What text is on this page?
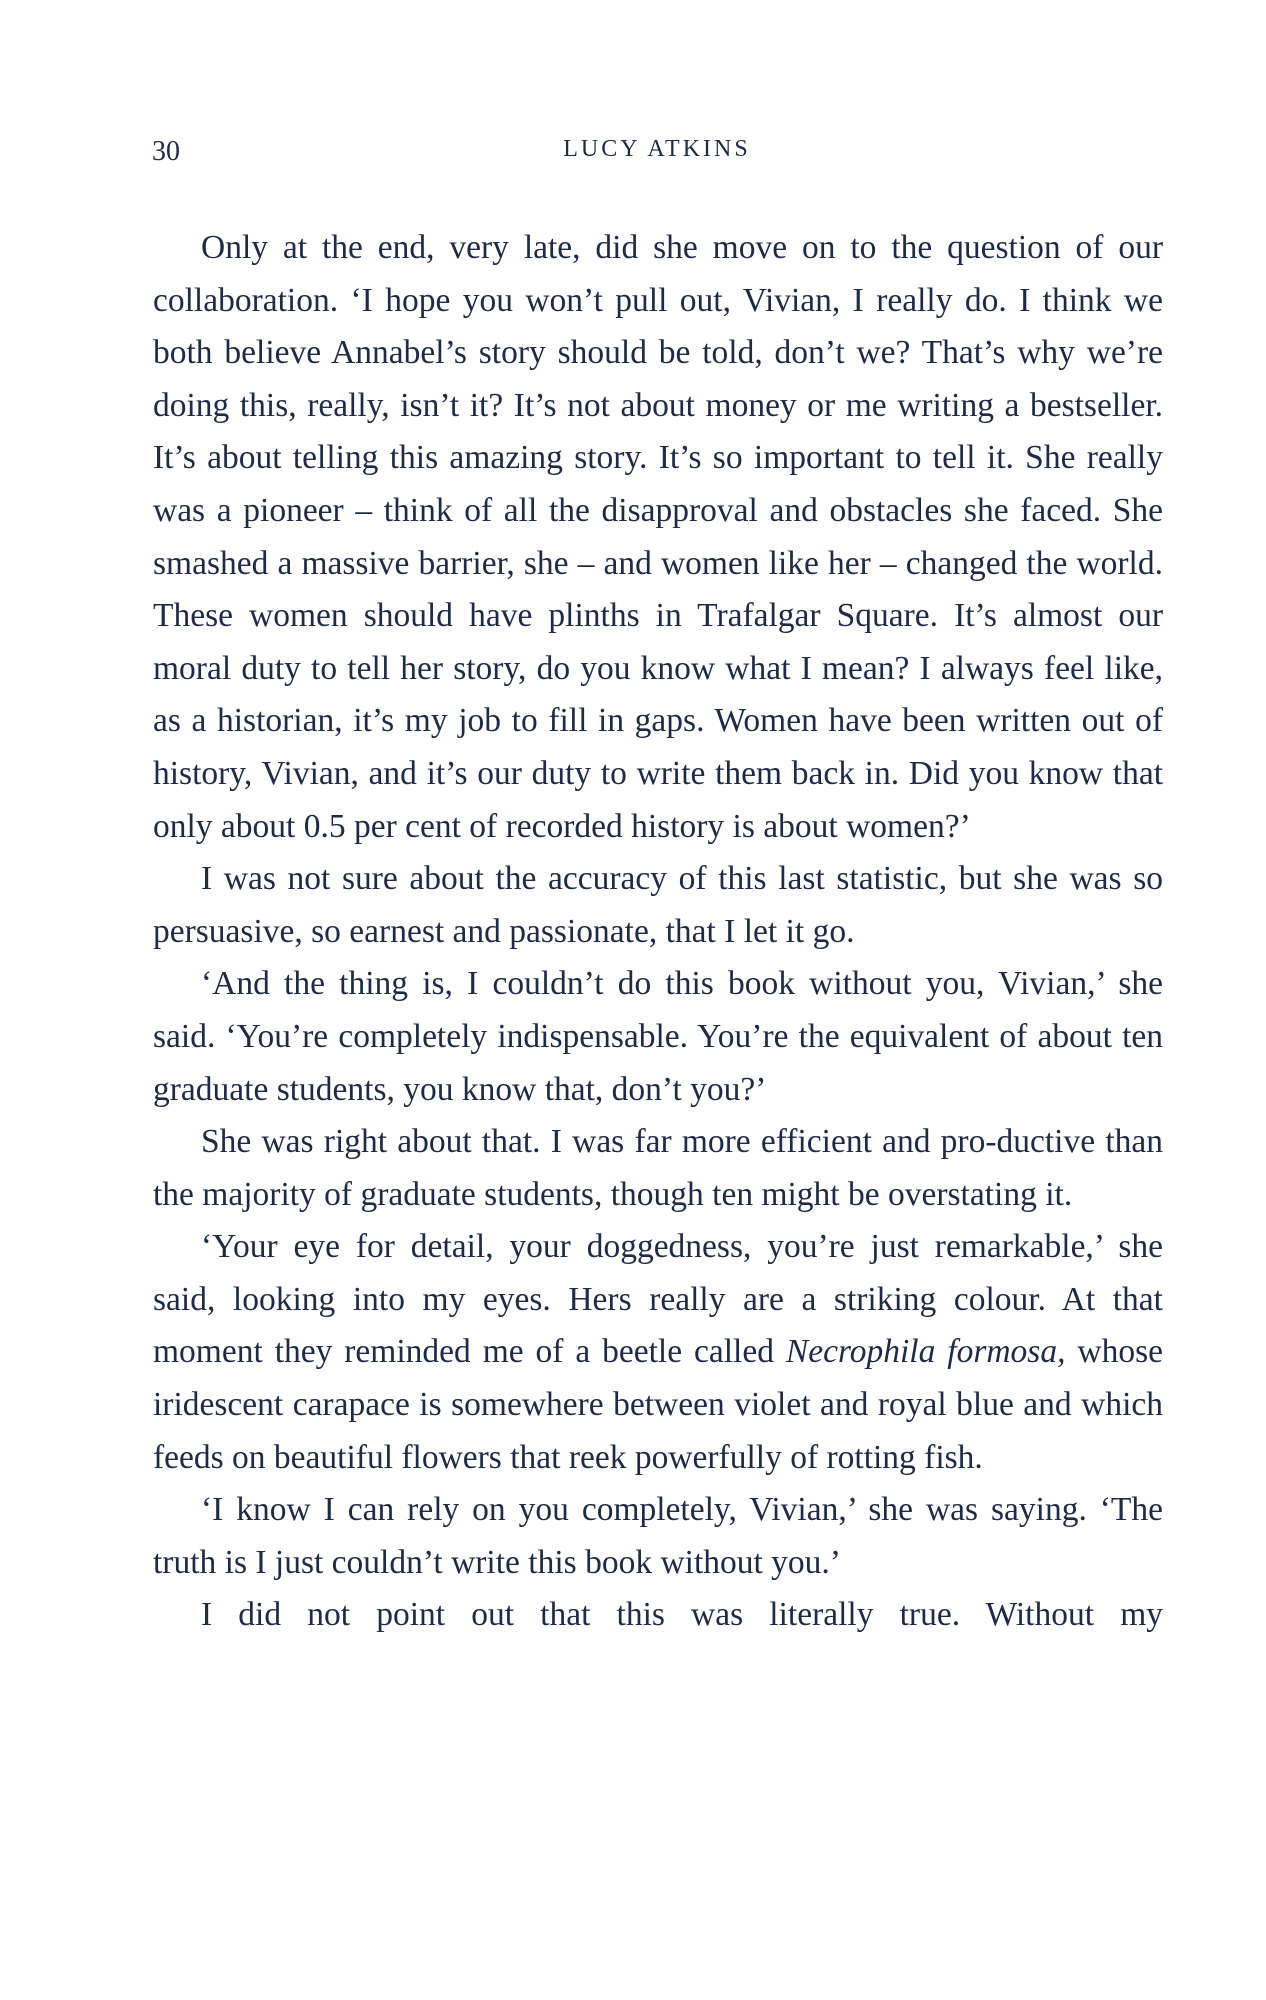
30	LUCY ATKINS

Only at the end, very late, did she move on to the question of our collaboration. ‘I hope you won’t pull out, Vivian, I really do. I think we both believe Annabel’s story should be told, don’t we? That’s why we’re doing this, really, isn’t it? It’s not about money or me writing a bestseller. It’s about telling this amazing story. It’s so important to tell it. She really was a pioneer – think of all the disapproval and obstacles she faced. She smashed a massive barrier, she – and women like her – changed the world. These women should have plinths in Trafalgar Square. It’s almost our moral duty to tell her story, do you know what I mean? I always feel like, as a historian, it’s my job to fill in gaps. Women have been written out of history, Vivian, and it’s our duty to write them back in. Did you know that only about 0.5 per cent of recorded history is about women?’

I was not sure about the accuracy of this last statistic, but she was so persuasive, so earnest and passionate, that I let it go.

‘And the thing is, I couldn’t do this book without you, Vivian,’ she said. ‘You’re completely indispensable. You’re the equivalent of about ten graduate students, you know that, don’t you?’

She was right about that. I was far more efficient and pro‑ductive than the majority of graduate students, though ten might be overstating it.

‘Your eye for detail, your doggedness, you’re just remarkable,’ she said, looking into my eyes. Hers really are a striking colour. At that moment they reminded me of a beetle called Necrophila formosa, whose iridescent carapace is somewhere between violet and royal blue and which feeds on beautiful flowers that reek powerfully of rotting fish.

‘I know I can rely on you completely, Vivian,’ she was saying. ‘The truth is I just couldn’t write this book without you.’

I did not point out that this was literally true. Without my
